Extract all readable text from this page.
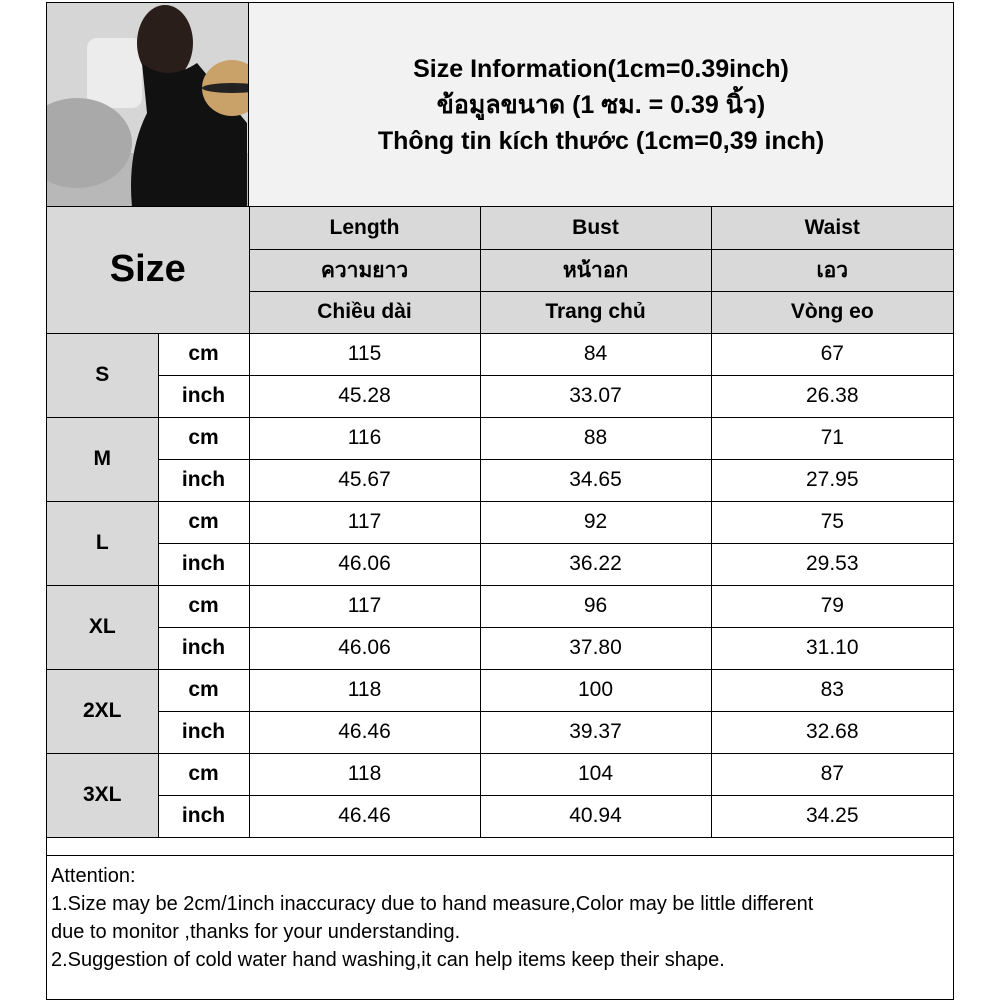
Size Information(1cm=0.39inch)
ข้อมูลขนาด (1 ซม. = 0.39 นิ้ว)
Thông tin kích thước (1cm=0,39 inch)
Size		Length	Bust	Waist
		ความยาว	หน้าอก	เอว
		Chiều dài	Trang chủ	Vòng eo
S	cm	115	84	67
	inch	45.28	33.07	26.38
M	cm	116	88	71
	inch	45.67	34.65	27.95
L	cm	117	92	75
	inch	46.06	36.22	29.53
XL	cm	117	96	79
	inch	46.06	37.80	31.10
2XL	cm	118	100	83
	inch	46.46	39.37	32.68
3XL	cm	118	104	87
	inch	46.46	40.94	34.25
Attention:
1.Size may be 2cm/1inch inaccuracy due to hand measure,Color may be little different
due to monitor ,thanks for your understanding.
2.Suggestion of cold water hand washing,it can help items keep their shape.
